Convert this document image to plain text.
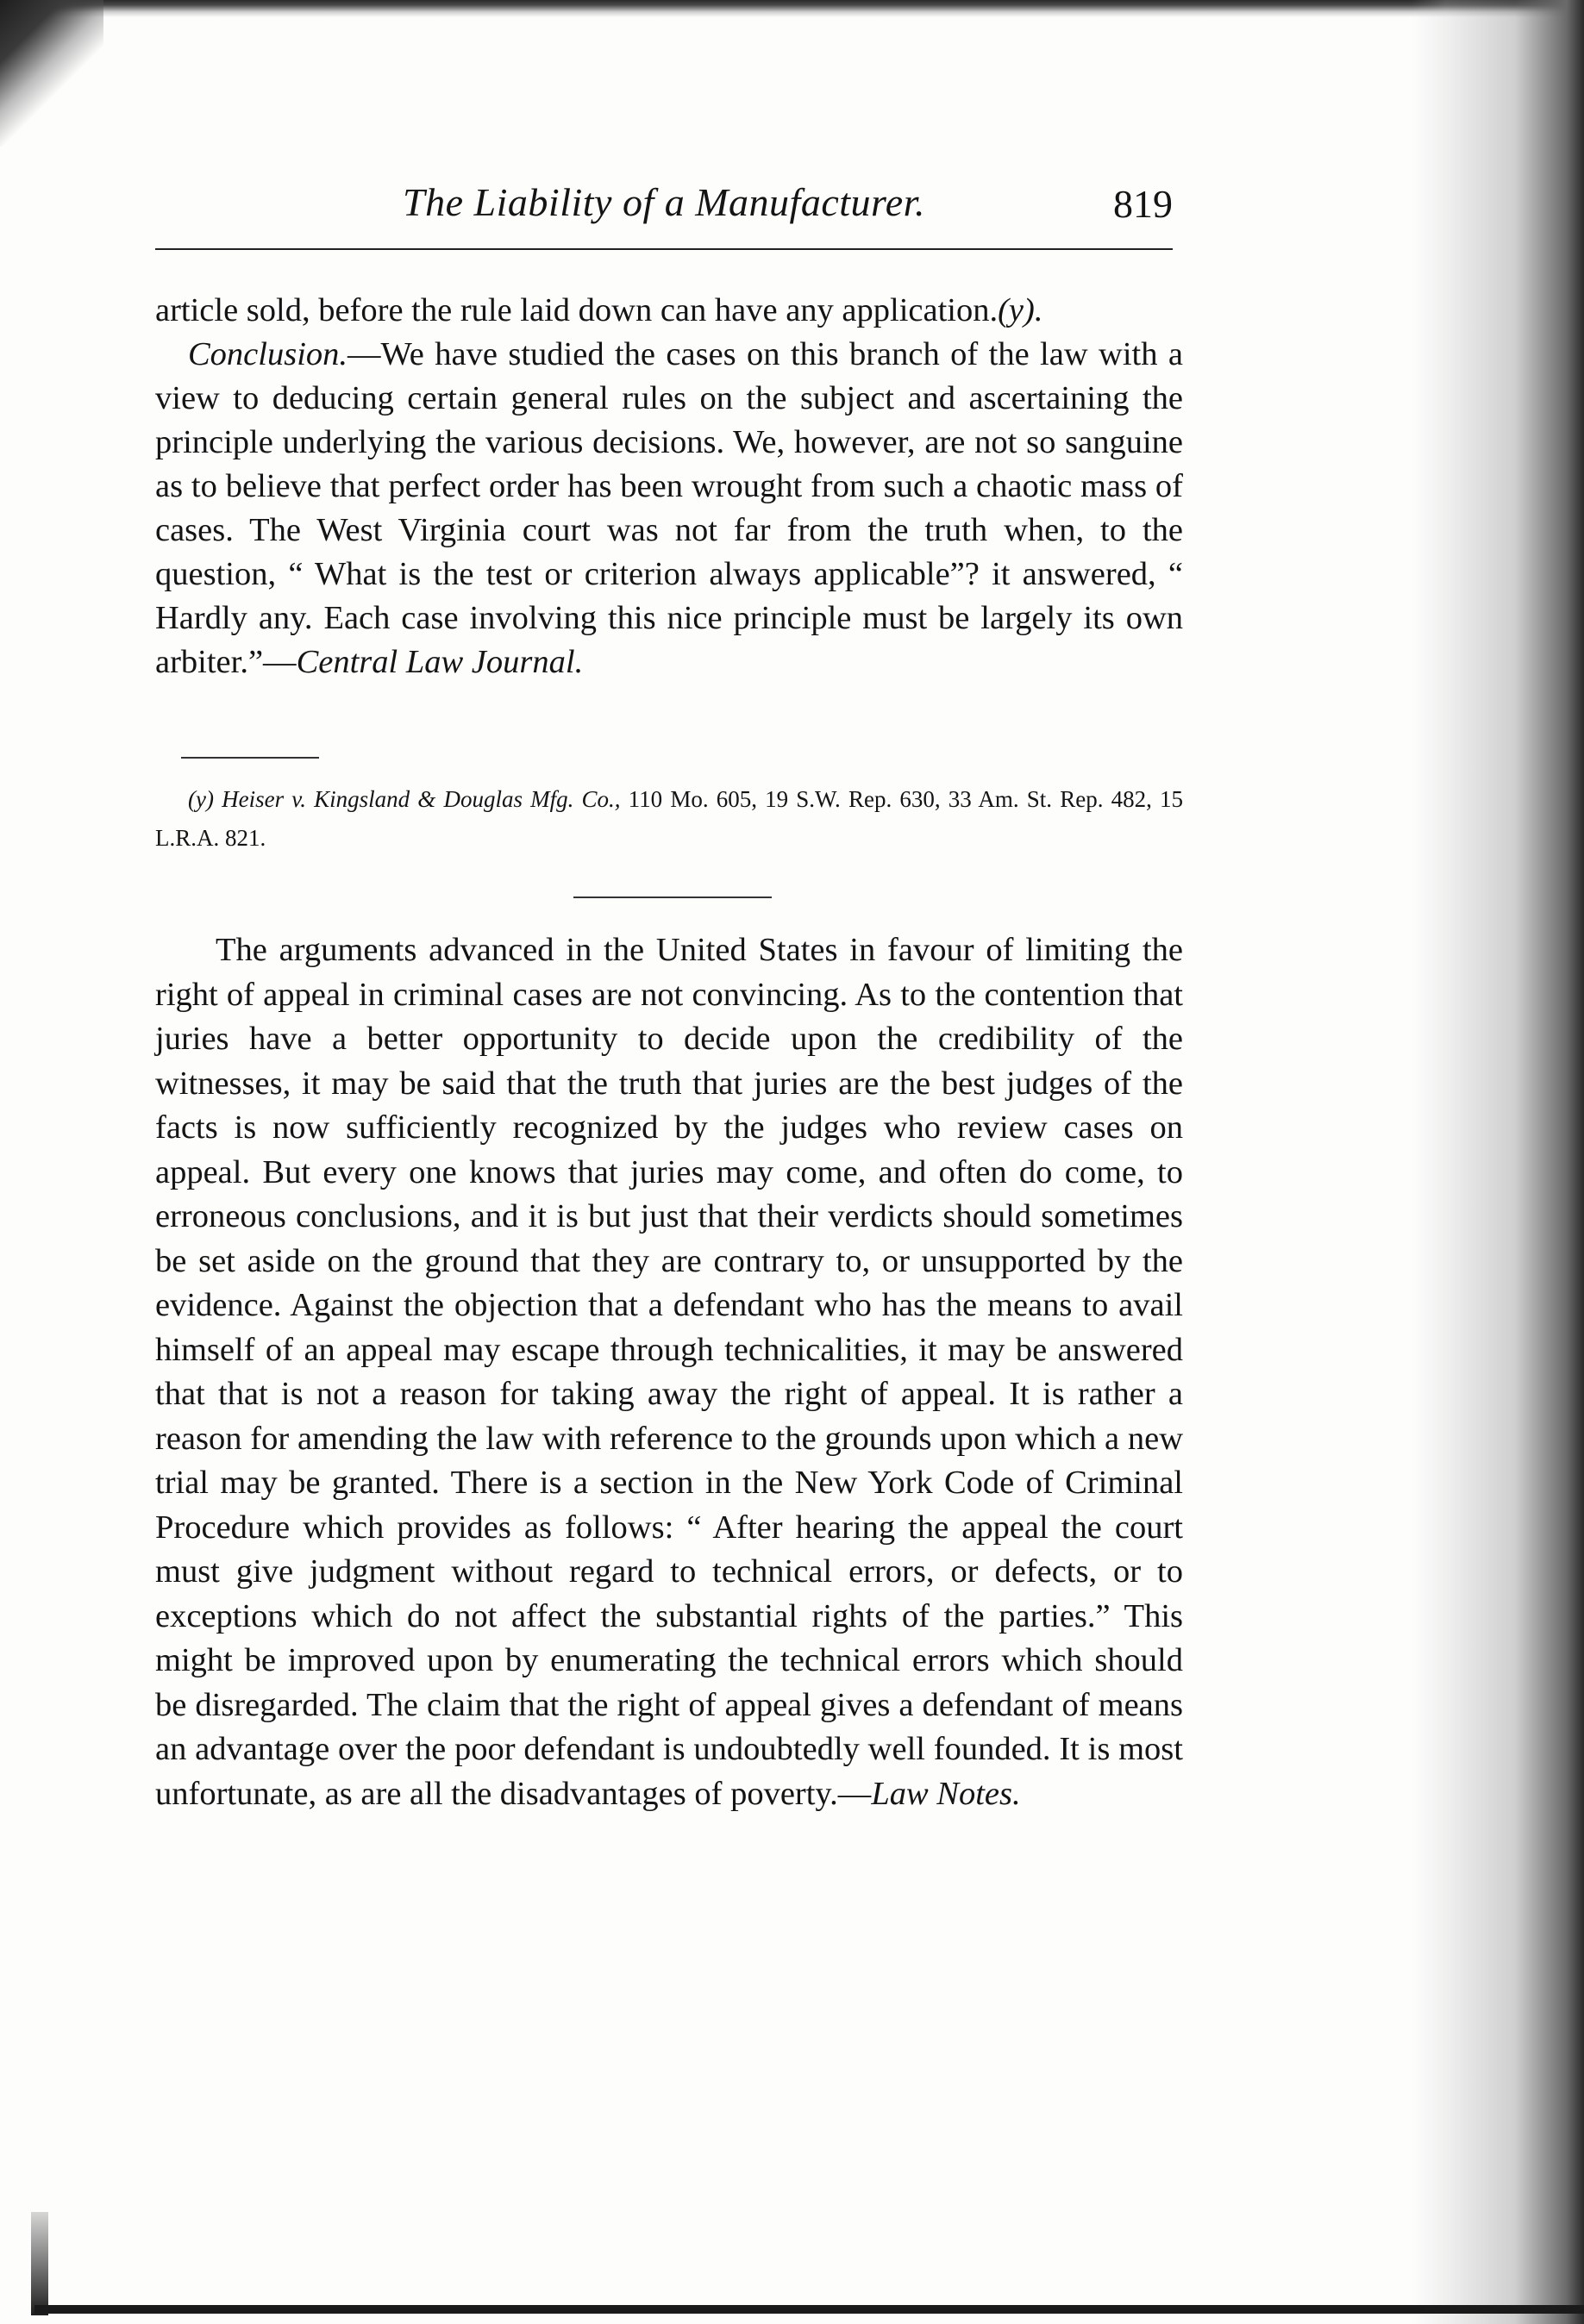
The Liability of a Manufacturer.	819

article sold, before the rule laid down can have any application.(y).

Conclusion.—We have studied the cases on this branch of the law with a view to deducing certain general rules on the subject and ascertaining the principle underlying the various decisions. We, however, are not so sanguine as to believe that perfect order has been wrought from such a chaotic mass of cases. The West Virginia court was not far from the truth when, to the question, “ What is the test or criterion always applicable”? it answered, “ Hardly any. Each case involving this nice principle must be largely its own arbiter.”—Central Law Journal.

(y) Heiser v. Kingsland & Douglas Mfg. Co., 110 Mo. 605, 19 S.W. Rep. 630, 33 Am. St. Rep. 482, 15 L.R.A. 821.

The arguments advanced in the United States in favour of limiting the right of appeal in criminal cases are not convincing. As to the contention that juries have a better opportunity to decide upon the credibility of the witnesses, it may be said that the truth that juries are the best judges of the facts is now sufficiently recognized by the judges who review cases on appeal. But every one knows that juries may come, and often do come, to erroneous conclusions, and it is but just that their verdicts should sometimes be set aside on the ground that they are contrary to, or unsupported by the evidence. Against the objection that a defendant who has the means to avail himself of an appeal may escape through technicalities, it may be answered that that is not a reason for taking away the right of appeal. It is rather a reason for amending the law with reference to the grounds upon which a new trial may be granted. There is a section in the New York Code of Criminal Procedure which provides as follows: “ After hearing the appeal the court must give judgment without regard to technical errors, or defects, or to exceptions which do not affect the substantial rights of the parties.” This might be improved upon by enumerating the technical errors which should be disregarded. The claim that the right of appeal gives a defendant of means an advantage over the poor defendant is undoubtedly well founded. It is most unfortunate, as are all the disadvantages of poverty.—Law Notes.
